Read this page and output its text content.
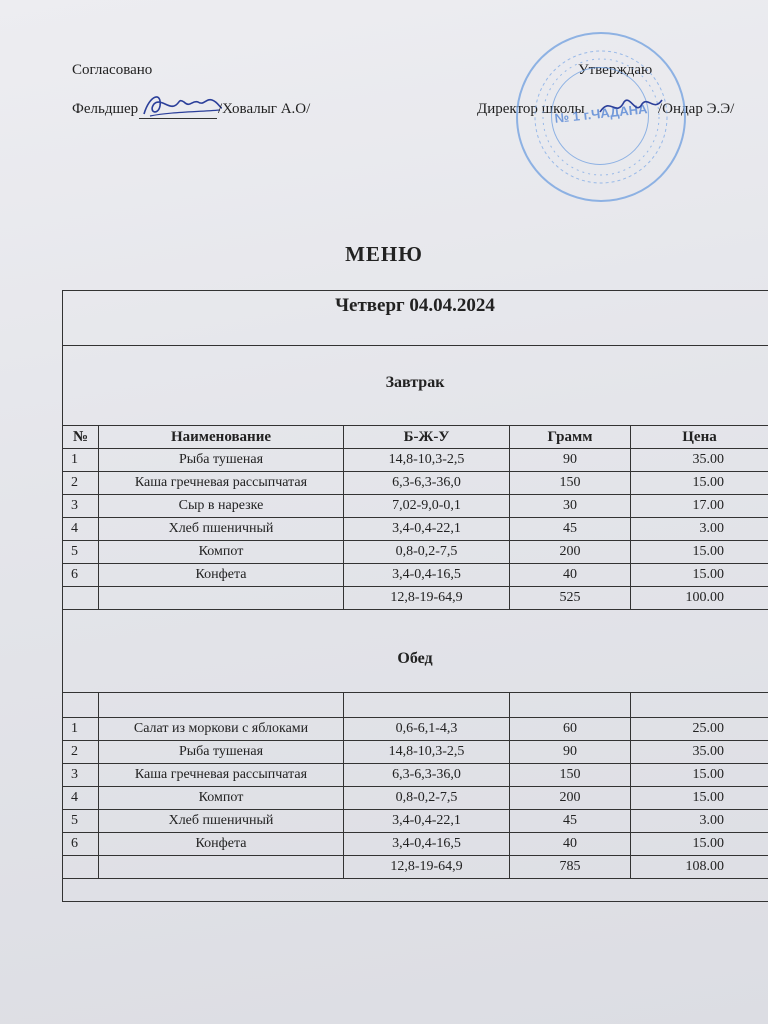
Согласовано	Утверждаю
Фельдшер	/Ховалыг А.О/	Директор школы	/Ондар Э.Э/
№ 1 г.ЧАДАНА
МЕНЮ
Четверг 04.04.2024
Завтрак
№	Наименование	Б-Ж-У	Грамм	Цена
1	Рыба тушеная	14,8-10,3-2,5	90	35.00
2	Каша гречневая рассыпчатая	6,3-6,3-36,0	150	15.00
3	Сыр в нарезке	7,02-9,0-0,1	30	17.00
4	Хлеб пшеничный	3,4-0,4-22,1	45	3.00
5	Компот	0,8-0,2-7,5	200	15.00
6	Конфета	3,4-0,4-16,5	40	15.00
		12,8-19-64,9	525	100.00
Обед

1	Салат из моркови с яблоками	0,6-6,1-4,3	60	25.00
2	Рыба тушеная	14,8-10,3-2,5	90	35.00
3	Каша гречневая рассыпчатая	6,3-6,3-36,0	150	15.00
4	Компот	0,8-0,2-7,5	200	15.00
5	Хлеб пшеничный	3,4-0,4-22,1	45	3.00
6	Конфета	3,4-0,4-16,5	40	15.00
		12,8-19-64,9	785	108.00
